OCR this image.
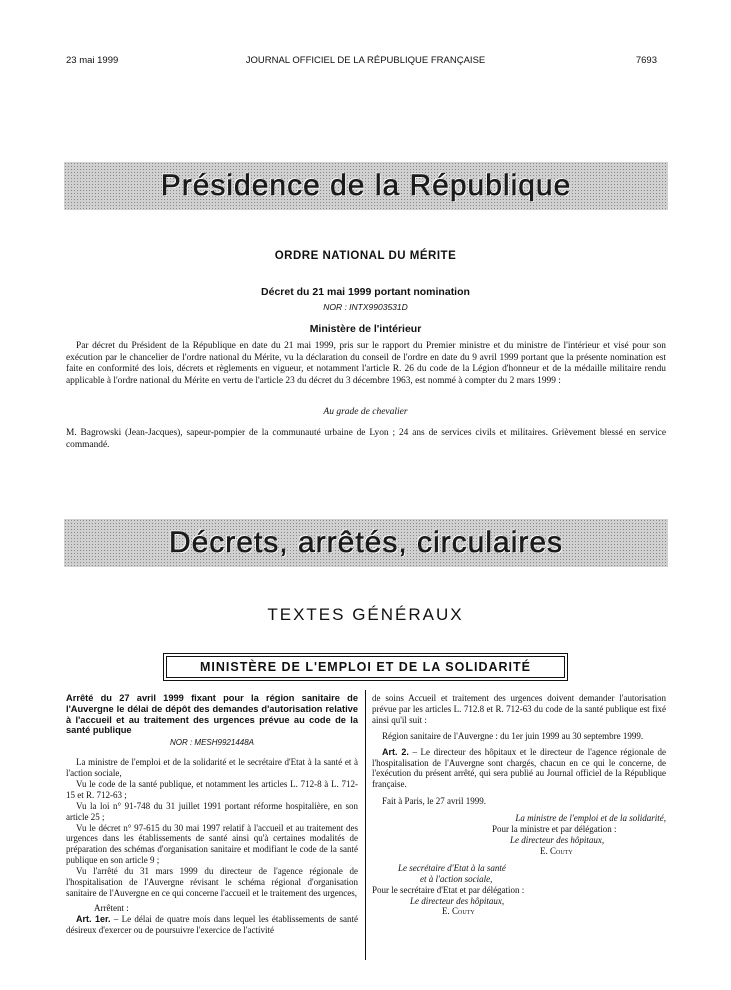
JOURNAL OFFICIEL DE LA RÉPUBLIQUE FRANÇAISE
23 mai 1999	7693
Présidence de la République
ORDRE NATIONAL DU MÉRITE
Décret du 21 mai 1999 portant nomination
NOR : INTX9903531D
Ministère de l'intérieur
Par décret du Président de la République en date du 21 mai 1999, pris sur le rapport du Premier ministre et du ministre de l'intérieur et visé pour son exécution par le chancelier de l'ordre national du Mérite, vu la déclaration du conseil de l'ordre en date du 9 avril 1999 portant que la présente nomination est faite en conformité des lois, décrets et règlements en vigueur, et notamment l'article R. 26 du code de la Légion d'honneur et de la médaille militaire rendu applicable à l'ordre national du Mérite en vertu de l'article 23 du décret du 3 décembre 1963, est nommé à compter du 2 mars 1999 :
Au grade de chevalier
M. Bagrowski (Jean-Jacques), sapeur-pompier de la communauté urbaine de Lyon ; 24 ans de services civils et militaires. Grièvement blessé en service commandé.
Décrets, arrêtés, circulaires
TEXTES GÉNÉRAUX
MINISTÈRE DE L'EMPLOI ET DE LA SOLIDARITÉ

Arrêté du 27 avril 1999 fixant pour la région sanitaire de l'Auvergne le délai de dépôt des demandes d'autorisation relative à l'accueil et au traitement des urgences prévue au code de la santé publique

NOR : MESH9921448A

La ministre de l'emploi et de la solidarité et le secrétaire d'Etat à la santé et à l'action sociale,

Vu le code de la santé publique, et notamment les articles L. 712-8 à L. 712-15 et R. 712-63 ;

Vu la loi n° 91-748 du 31 juillet 1991 portant réforme hospitalière, en son article 25 ;

Vu le décret n° 97-615 du 30 mai 1997 relatif à l'accueil et au traitement des urgences dans les établissements de santé ainsi qu'à certaines modalités de préparation des schémas d'organisation sanitaire et modifiant le code de la santé publique en son article 9 ;

Vu l'arrêté du 31 mars 1999 du directeur de l'agence régionale de l'hospitalisation de l'Auvergne révisant le schéma régional d'organisation sanitaire de l'Auvergne en ce qui concerne l'accueil et le traitement des urgences,

Arrêtent :

Art. 1er. – Le délai de quatre mois dans lequel les établissements de santé désireux d'exercer ou de poursuivre l'exercice de l'activité

de soins Accueil et traitement des urgences doivent demander l'autorisation prévue par les articles L. 712.8 et R. 712-63 du code de la santé publique est fixé ainsi qu'il suit :

Région sanitaire de l'Auvergne : du 1er juin 1999 au 30 septembre 1999.

Art. 2. – Le directeur des hôpitaux et le directeur de l'agence régionale de l'hospitalisation de l'Auvergne sont chargés, chacun en ce qui le concerne, de l'exécution du présent arrêté, qui sera publié au Journal officiel de la République française.

Fait à Paris, le 27 avril 1999.

La ministre de l'emploi et de la solidarité,

Pour la ministre et par délégation :

Le directeur des hôpitaux,

E. Couty

Le secrétaire d'Etat à la santé

et à l'action sociale,

Pour le secrétaire d'Etat et par délégation :

Le directeur des hôpitaux,

E. Couty
